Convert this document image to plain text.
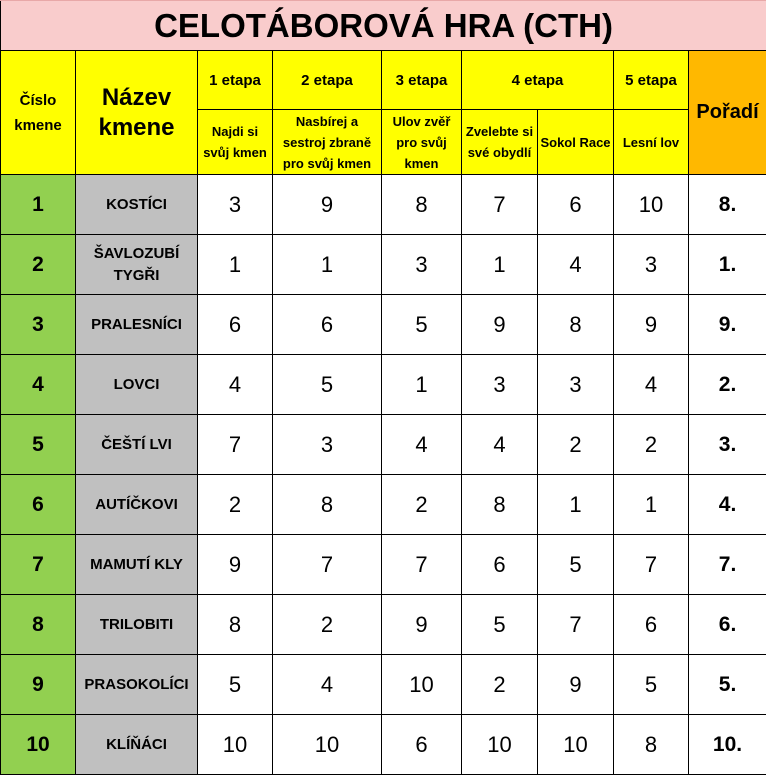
CELOTÁBOROVÁ HRA (CTH)								
Číslo kmene	Název kmene	1 etapa	2 etapa	3 etapa	4 etapa		5 etapa	Pořadí
		Najdi si svůj kmen	Nasbírej a sestroj zbraně pro svůj kmen	Ulov zvěř pro svůj kmen	Zvelebte si své obydlí	Sokol Race	Lesní lov	
1	KOSTÍCI	3	9	8	7	6	10	8.
2	ŠAVLOZUBÍ TYGŘI	1	1	3	1	4	3	1.
3	PRALESNÍCI	6	6	5	9	8	9	9.
4	LOVCI	4	5	1	3	3	4	2.
5	ČEŠTÍ LVI	7	3	4	4	2	2	3.
6	AUTÍČKOVI	2	8	2	8	1	1	4.
7	MAMUTÍ KLY	9	7	7	6	5	7	7.
8	TRILOBITI	8	2	9	5	7	6	6.
9	PRASOKOLÍCI	5	4	10	2	9	5	5.
10	KLÍŇÁCI	10	10	6	10	10	8	10.
